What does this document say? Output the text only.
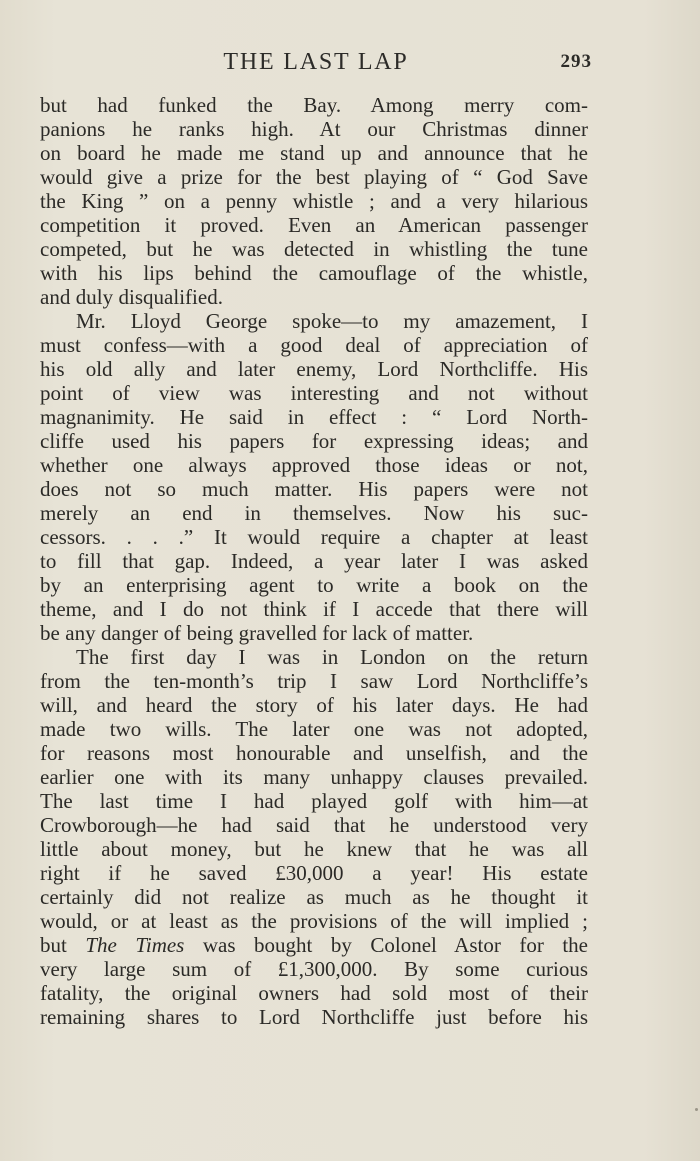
THE LAST LAP	293
but had funked the Bay. Among merry com-
panions he ranks high. At our Christmas dinner
on board he made me stand up and announce that he
would give a prize for the best playing of “ God Save
the King ” on a penny whistle ; and a very hilarious
competition it proved. Even an American passenger
competed, but he was detected in whistling the tune
with his lips behind the camouflage of the whistle,
and duly disqualified.
Mr. Lloyd George spoke—to my amazement, I
must confess—with a good deal of appreciation of
his old ally and later enemy, Lord Northcliffe. His
point of view was interesting and not without
magnanimity. He said in effect : “ Lord North-
cliffe used his papers for expressing ideas; and
whether one always approved those ideas or not,
does not so much matter. His papers were not
merely an end in themselves. Now his suc-
cessors. . . .” It would require a chapter at least
to fill that gap. Indeed, a year later I was asked
by an enterprising agent to write a book on the
theme, and I do not think if I accede that there will
be any danger of being gravelled for lack of matter.
The first day I was in London on the return
from the ten-month’s trip I saw Lord Northcliffe’s
will, and heard the story of his later days. He had
made two wills. The later one was not adopted,
for reasons most honourable and unselfish, and the
earlier one with its many unhappy clauses prevailed.
The last time I had played golf with him—at
Crowborough—he had said that he understood very
little about money, but he knew that he was all
right if he saved £30,000 a year! His estate
certainly did not realize as much as he thought it
would, or at least as the provisions of the will implied ;
but The Times was bought by Colonel Astor for the
very large sum of £1,300,000. By some curious
fatality, the original owners had sold most of their
remaining shares to Lord Northcliffe just before his
